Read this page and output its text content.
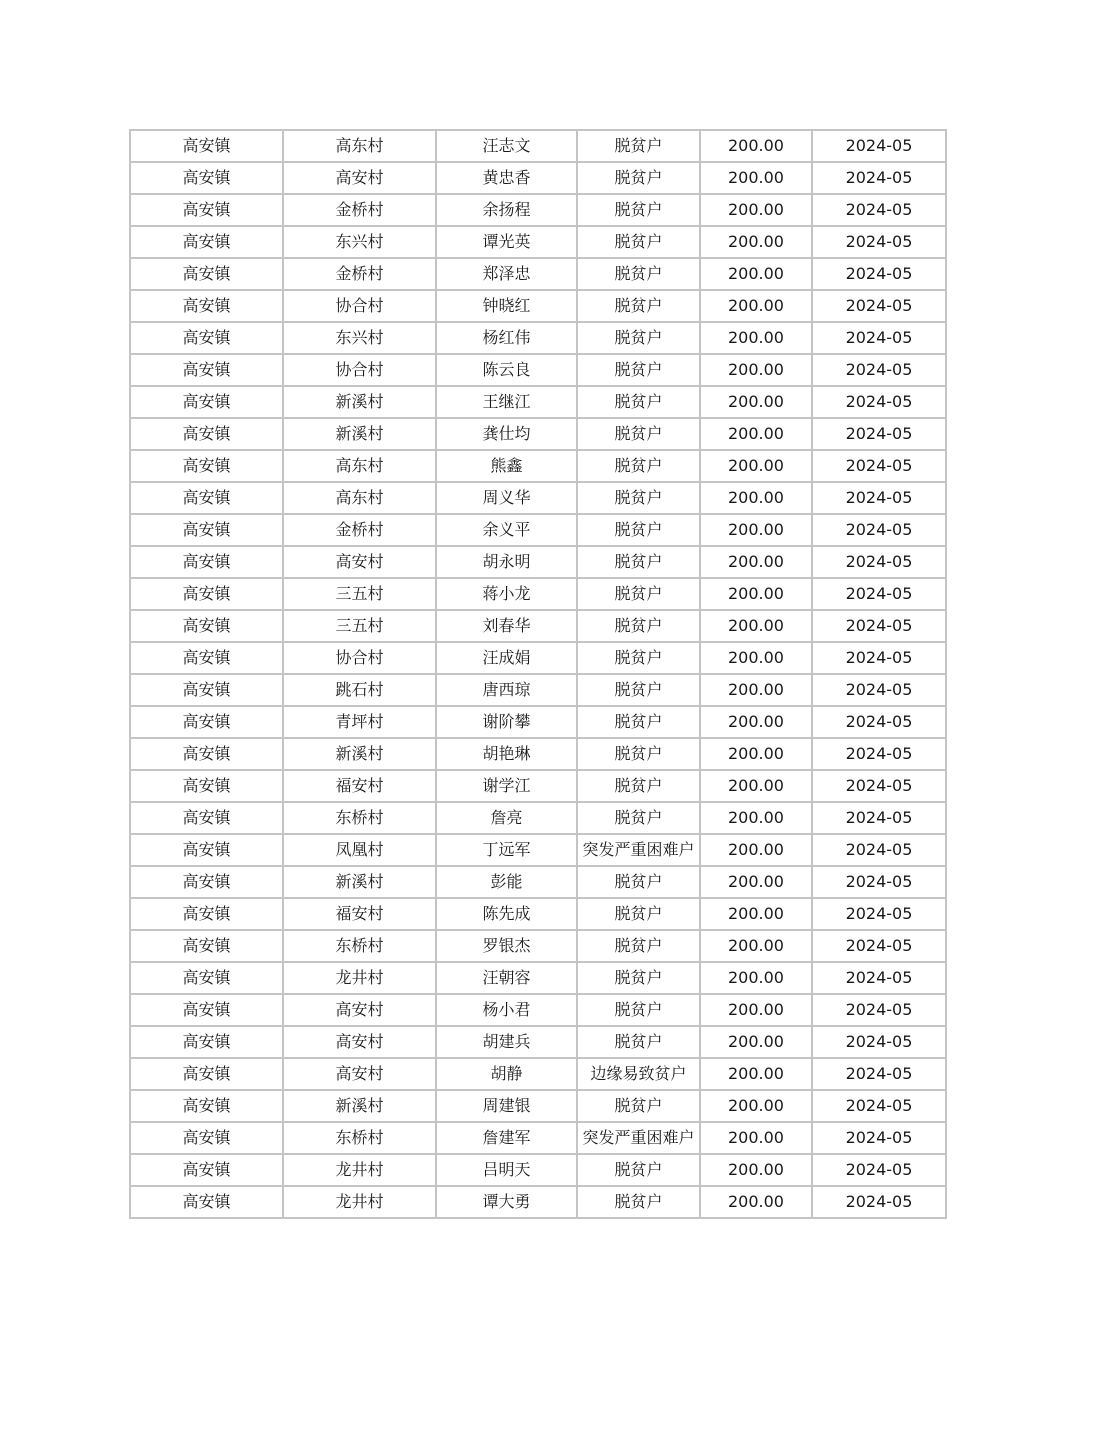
高安镇	高东村	汪志文	脱贫户	200.00	2024-05
高安镇	高安村	黄忠香	脱贫户	200.00	2024-05
高安镇	金桥村	余扬程	脱贫户	200.00	2024-05
高安镇	东兴村	谭光英	脱贫户	200.00	2024-05
高安镇	金桥村	郑泽忠	脱贫户	200.00	2024-05
高安镇	协合村	钟晓红	脱贫户	200.00	2024-05
高安镇	东兴村	杨红伟	脱贫户	200.00	2024-05
高安镇	协合村	陈云良	脱贫户	200.00	2024-05
高安镇	新溪村	王继江	脱贫户	200.00	2024-05
高安镇	新溪村	龚仕均	脱贫户	200.00	2024-05
高安镇	高东村	熊鑫	脱贫户	200.00	2024-05
高安镇	高东村	周义华	脱贫户	200.00	2024-05
高安镇	金桥村	余义平	脱贫户	200.00	2024-05
高安镇	高安村	胡永明	脱贫户	200.00	2024-05
高安镇	三五村	蒋小龙	脱贫户	200.00	2024-05
高安镇	三五村	刘春华	脱贫户	200.00	2024-05
高安镇	协合村	汪成娟	脱贫户	200.00	2024-05
高安镇	跳石村	唐西琼	脱贫户	200.00	2024-05
高安镇	青坪村	谢阶攀	脱贫户	200.00	2024-05
高安镇	新溪村	胡艳琳	脱贫户	200.00	2024-05
高安镇	福安村	谢学江	脱贫户	200.00	2024-05
高安镇	东桥村	詹亮	脱贫户	200.00	2024-05
高安镇	凤凰村	丁远军	突发严重困难户	200.00	2024-05
高安镇	新溪村	彭能	脱贫户	200.00	2024-05
高安镇	福安村	陈先成	脱贫户	200.00	2024-05
高安镇	东桥村	罗银杰	脱贫户	200.00	2024-05
高安镇	龙井村	汪朝容	脱贫户	200.00	2024-05
高安镇	高安村	杨小君	脱贫户	200.00	2024-05
高安镇	高安村	胡建兵	脱贫户	200.00	2024-05
高安镇	高安村	胡静	边缘易致贫户	200.00	2024-05
高安镇	新溪村	周建银	脱贫户	200.00	2024-05
高安镇	东桥村	詹建军	突发严重困难户	200.00	2024-05
高安镇	龙井村	吕明天	脱贫户	200.00	2024-05
高安镇	龙井村	谭大勇	脱贫户	200.00	2024-05
